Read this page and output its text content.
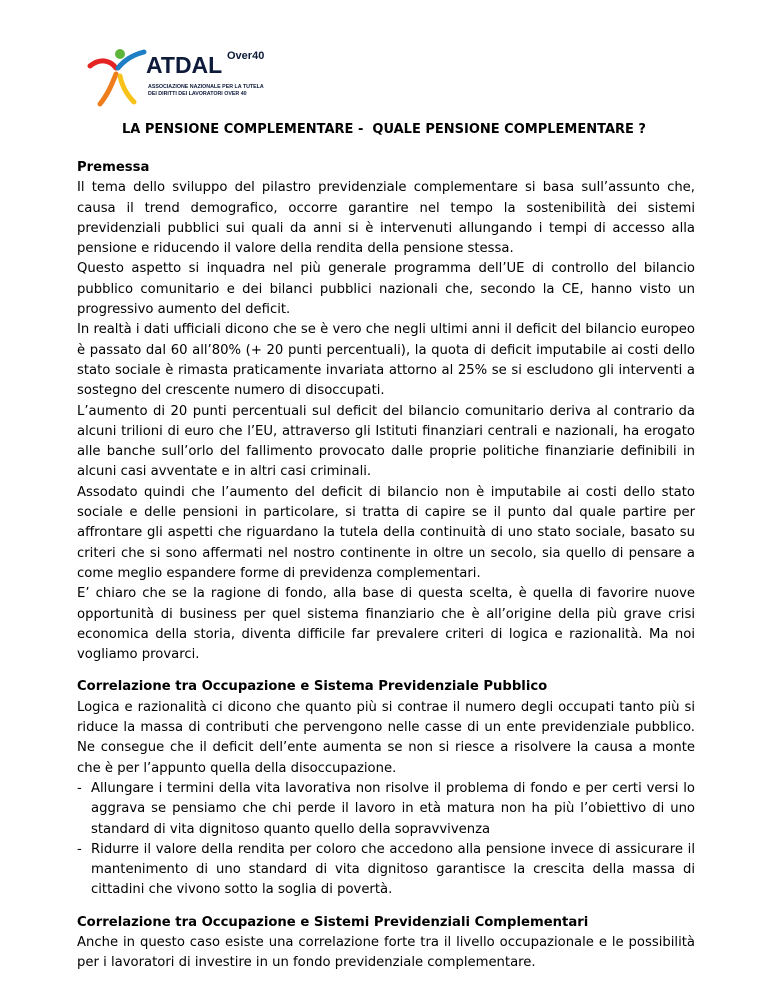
ATDAL Over40
ASSOCIAZIONE NAZIONALE PER LA TUTELA
DEI DIRITTI DEI LAVORATORI OVER 40
LA PENSIONE COMPLEMENTARE -  QUALE PENSIONE COMPLEMENTARE ?
Premessa

Il tema dello sviluppo del pilastro previdenziale complementare si basa sull’assunto che, causa il trend demografico, occorre garantire nel tempo la sostenibilità dei sistemi previdenziali pubblici sui quali da anni si è intervenuti allungando i tempi di accesso alla pensione e riducendo il valore della rendita della pensione stessa.

Questo aspetto si inquadra nel più generale programma dell’UE di controllo del bilancio pubblico comunitario e dei bilanci pubblici nazionali che, secondo la CE, hanno visto un progressivo aumento del deficit.

In realtà i dati ufficiali dicono che se è vero che negli ultimi anni il deficit del bilancio europeo è passato dal 60 all’80% (+ 20 punti percentuali), la quota di deficit imputabile ai costi dello stato sociale è rimasta praticamente invariata attorno al 25% se si escludono gli interventi a sostegno del crescente numero di disoccupati.

L’aumento di 20 punti percentuali sul deficit del bilancio comunitario deriva al contrario da alcuni trilioni di euro che l’EU, attraverso gli Istituti finanziari centrali e nazionali, ha erogato alle banche sull’orlo del fallimento provocato dalle proprie politiche finanziarie definibili in alcuni casi avventate e in altri casi criminali.

Assodato quindi che l’aumento del deficit di bilancio non è imputabile ai costi dello stato sociale e delle pensioni in particolare, si tratta di capire se il punto dal quale partire per affrontare gli aspetti che riguardano la tutela della continuità di uno stato sociale, basato su criteri che si sono affermati nel nostro continente in oltre un secolo, sia quello di pensare a come meglio espandere forme di previdenza complementari.

E’ chiaro che se la ragione di fondo, alla base di questa scelta, è quella di favorire nuove opportunità di business per quel sistema finanziario che è all’origine della più grave crisi economica della storia, diventa difficile far prevalere criteri di logica e razionalità. Ma noi vogliamo provarci.

Correlazione tra Occupazione e Sistema Previdenziale Pubblico

Logica e razionalità ci dicono che quanto più si contrae il numero degli occupati tanto più si riduce la massa di contributi che pervengono nelle casse di un ente previdenziale pubblico. Ne consegue che il deficit dell’ente aumenta se non si riesce a risolvere la causa a monte che è per l’appunto quella della disoccupazione.

- Allungare i termini della vita lavorativa non risolve il problema di fondo e per certi versi lo aggrava se pensiamo che chi perde il lavoro in età matura non ha più l’obiettivo di uno standard di vita dignitoso quanto quello della sopravvivenza
- Ridurre il valore della rendita per coloro che accedono alla pensione invece di assicurare il mantenimento di uno standard di vita dignitoso garantisce la crescita della massa di cittadini che vivono sotto la soglia di povertà.
Correlazione tra Occupazione e Sistemi Previdenziali Complementari

Anche in questo caso esiste una correlazione forte tra il livello occupazionale e le possibilità per i lavoratori di investire in un fondo previdenziale complementare.
